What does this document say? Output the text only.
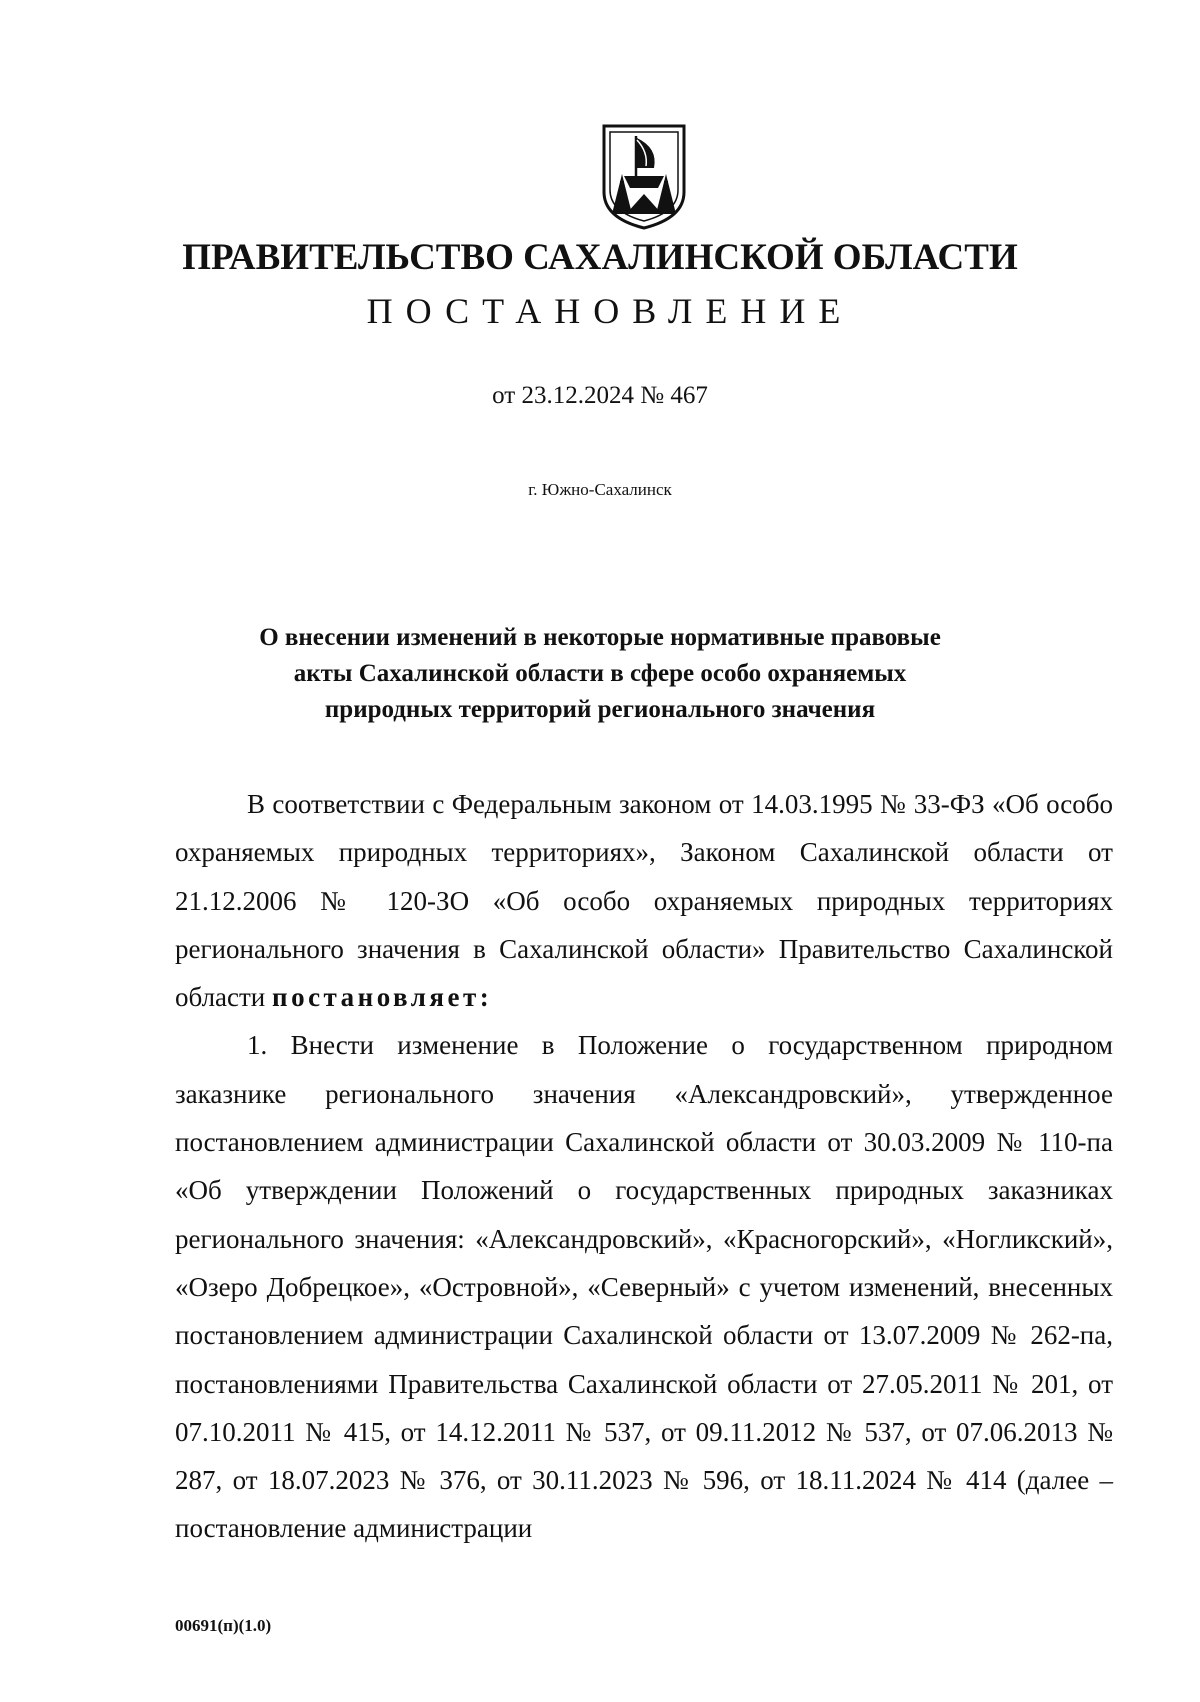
ПРАВИТЕЛЬСТВО САХАЛИНСКОЙ ОБЛАСТИ
ПОСТАНОВЛЕНИЕ
от 23.12.2024 № 467
г. Южно-Сахалинск
О внесении изменений в некоторые нормативные правовые акты Сахалинской области в сфере особо охраняемых природных территорий регионального значения

В соответствии с Федеральным законом от 14.03.1995 № 33-ФЗ «Об особо охраняемых природных территориях», Законом Сахалинской области от 21.12.2006 № 120-ЗО «Об особо охраняемых природных территориях регионального значения в Сахалинской области» Правительство Сахалинской области постановляет:

1. Внести изменение в Положение о государственном природном заказнике регионального значения «Александровский», утвержденное постановлением администрации Сахалинской области от 30.03.2009 № 110-па «Об утверждении Положений о государственных природных заказниках регионального значения: «Александровский», «Красногорский», «Ногликский», «Озеро Добрецкое», «Островной», «Северный» с учетом изменений, внесенных постановлением администрации Сахалинской области от 13.07.2009 № 262-па, постановлениями Правительства Сахалинской области от 27.05.2011 № 201, от 07.10.2011 № 415, от 14.12.2011 № 537, от 09.11.2012 № 537, от 07.06.2013 № 287, от 18.07.2023 № 376, от 30.11.2023 № 596, от 18.11.2024 № 414 (далее – постановление администрации

00691(п)(1.0)
